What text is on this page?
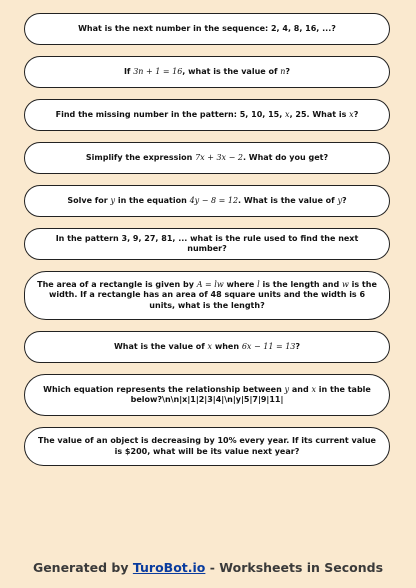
What is the next number in the sequence: 2, 4, 8, 16, ...?
If 3n + 1 = 16, what is the value of n?
Find the missing number in the pattern: 5, 10, 15, x, 25. What is x?
Simplify the expression 7x + 3x − 2. What do you get?
Solve for y in the equation 4y − 8 = 12. What is the value of y?
In the pattern 3, 9, 27, 81, ... what is the rule used to find the next number?
The area of a rectangle is given by A = lw where l is the length and w is the width. If a rectangle has an area of 48 square units and the width is 6 units, what is the length?
What is the value of x when 6x − 11 = 13?
Which equation represents the relationship between y and x in the table below?\n\n|x|1|2|3|4|\n|y|5|7|9|11|
The value of an object is decreasing by 10% every year. If its current value is $200, what will be its value next year?
Generated by TuroBot.io - Worksheets in Seconds
